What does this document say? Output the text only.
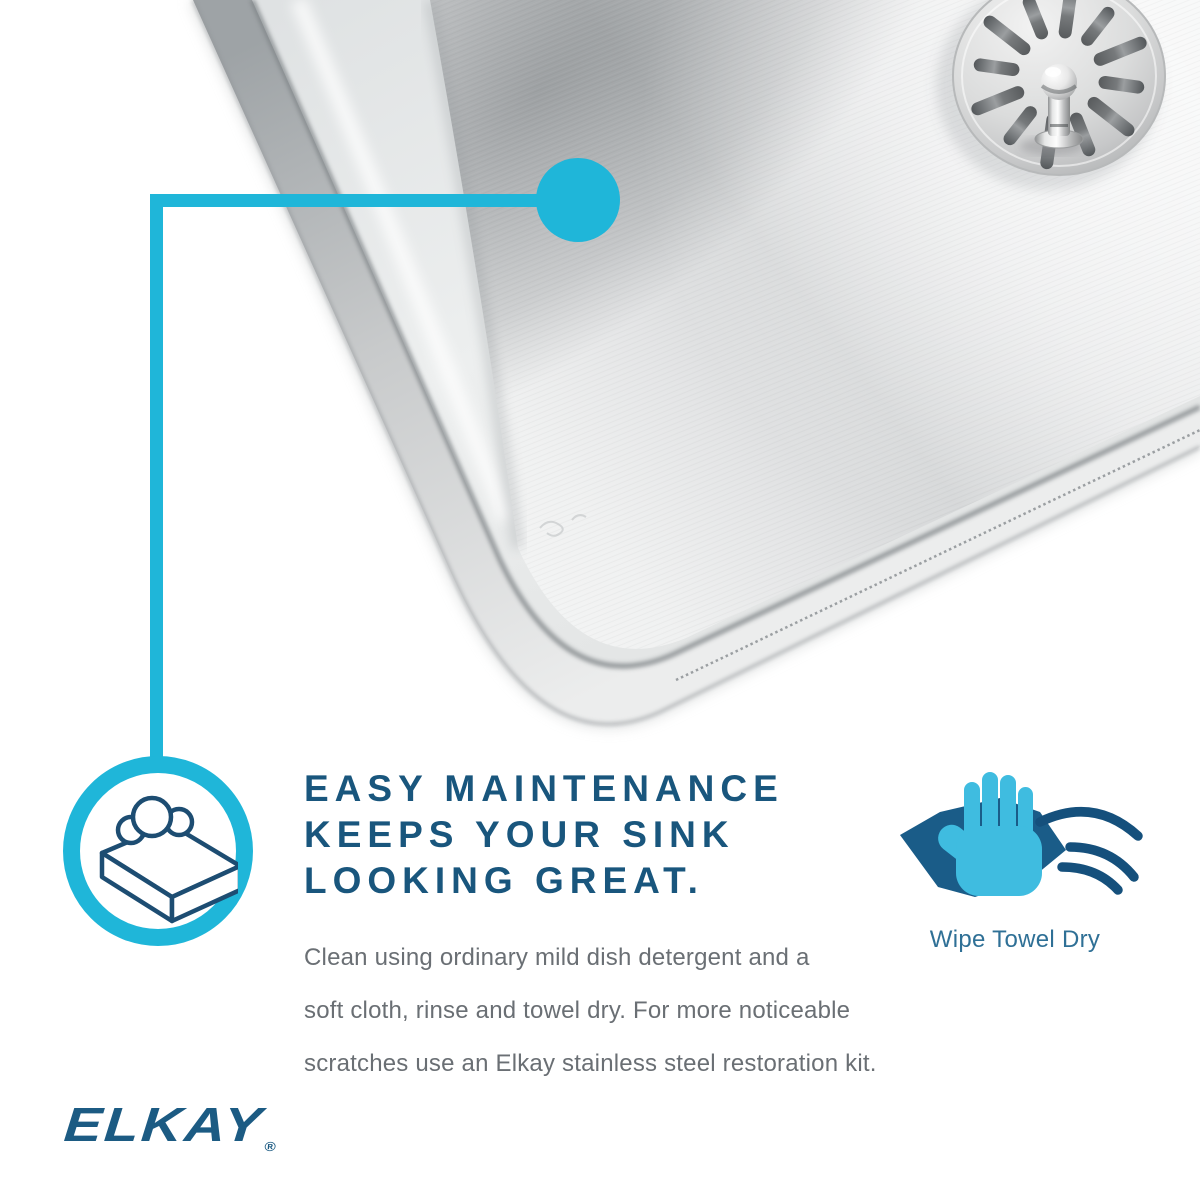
EASY MAINTENANCE
KEEPS YOUR SINK
LOOKING GREAT.

Clean using ordinary mild dish detergent and a
soft cloth, rinse and towel dry. For more noticeable
scratches use an Elkay stainless steel restoration kit.

Wipe Towel Dry
$ELKAY_®$
